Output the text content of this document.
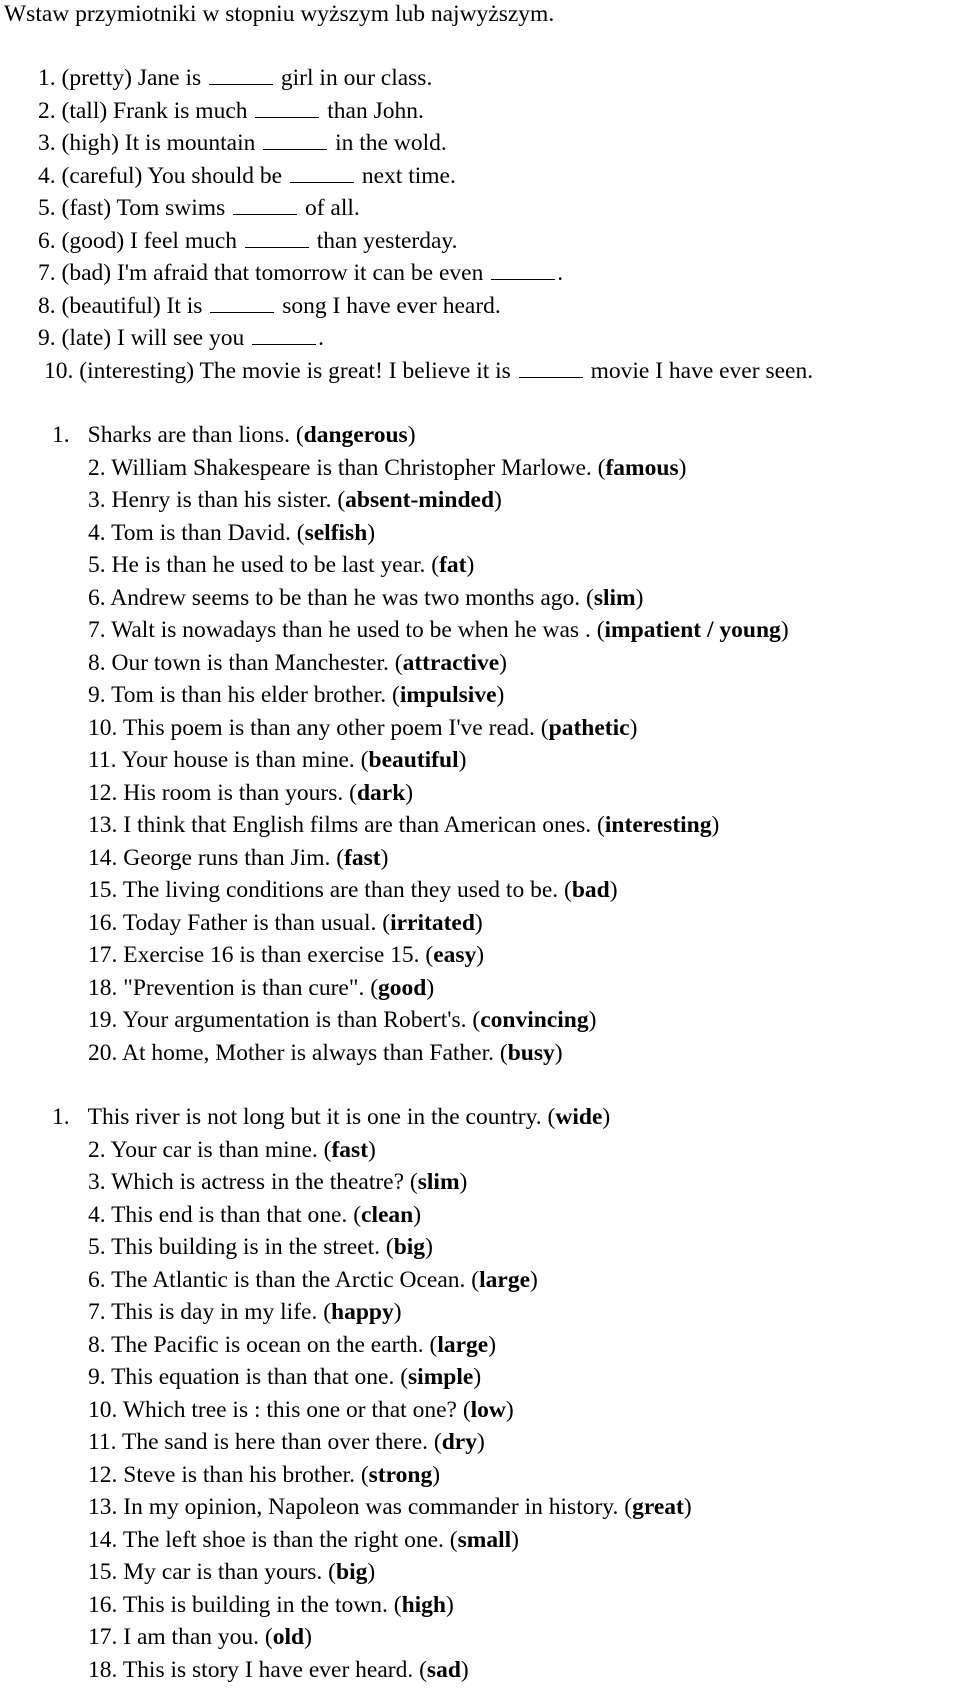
Wstaw przymiotniki w stopniu wyższym lub najwyższym.
1. (pretty) Jane is	girl in our class.
2. (tall) Frank is much	than John.
3. (high) It is mountain	in the wold.
4. (careful) You should be	next time.
5. (fast) Tom swims	of all.
6. (good) I feel much	than yesterday.
7. (bad) I'm afraid that tomorrow it can be even	.
8. (beautiful) It is	song I have ever heard.
9. (late) I will see you	.
10. (interesting) The movie is great! I believe it is	movie I have ever seen.
1. Sharks are than lions. (dangerous)
2. William Shakespeare is than Christopher Marlowe. (famous)
3. Henry is than his sister. (absent-minded)
4. Tom is than David. (selfish)
5. He is than he used to be last year. (fat)
6. Andrew seems to be than he was two months ago. (slim)
7. Walt is nowadays than he used to be when he was . (impatient / young)
8. Our town is than Manchester. (attractive)
9. Tom is than his elder brother. (impulsive)
10. This poem is than any other poem I've read. (pathetic)
11. Your house is than mine. (beautiful)
12. His room is than yours. (dark)
13. I think that English films are than American ones. (interesting)
14. George runs than Jim. (fast)
15. The living conditions are than they used to be. (bad)
16. Today Father is than usual. (irritated)
17. Exercise 16 is than exercise 15. (easy)
18. "Prevention is than cure". (good)
19. Your argumentation is than Robert's. (convincing)
20. At home, Mother is always than Father. (busy)
1. This river is not long but it is one in the country. (wide)
2. Your car is than mine. (fast)
3. Which is actress in the theatre? (slim)
4. This end is than that one. (clean)
5. This building is in the street. (big)
6. The Atlantic is than the Arctic Ocean. (large)
7. This is day in my life. (happy)
8. The Pacific is ocean on the earth. (large)
9. This equation is than that one. (simple)
10. Which tree is : this one or that one? (low)
11. The sand is here than over there. (dry)
12. Steve is than his brother. (strong)
13. In my opinion, Napoleon was commander in history. (great)
14. The left shoe is than the right one. (small)
15. My car is than yours. (big)
16. This is building in the town. (high)
17. I am than you. (old)
18. This is story I have ever heard. (sad)
